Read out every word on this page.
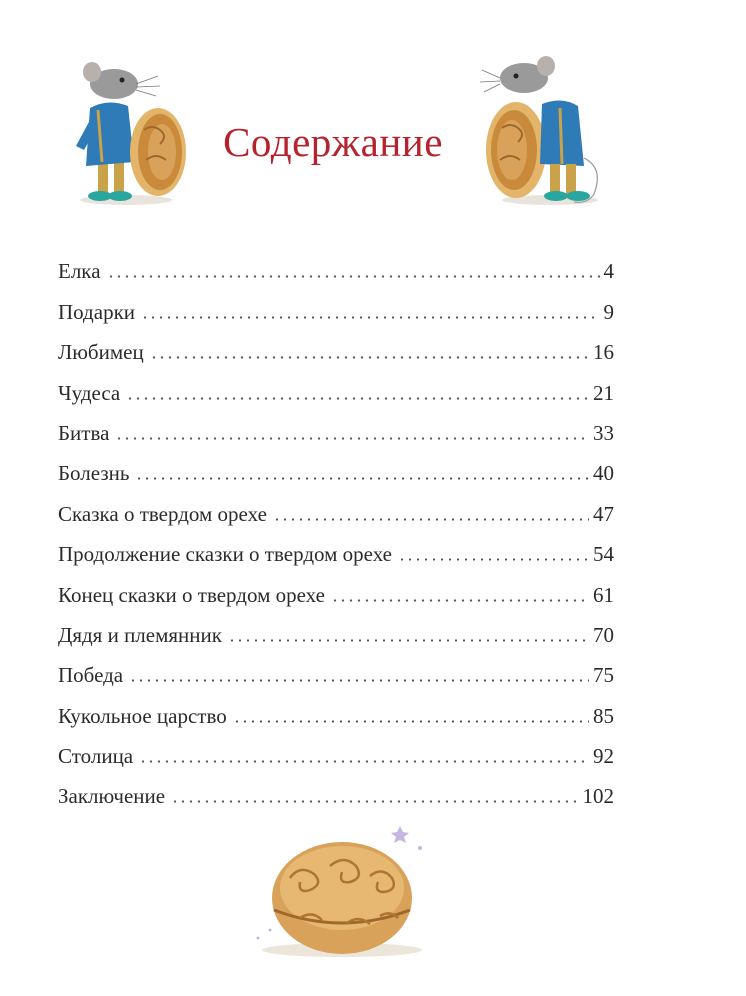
Содержание
Елка	4
Подарки	9
Любимец	16
Чудеса	21
Битва	33
Болезнь	40
Сказка о твердом орехе	47
Продолжение сказки о твердом орехе	54
Конец сказки о твердом орехе	61
Дядя и племянник	70
Победа	75
Кукольное царство	85
Столица	92
Заключение	102
